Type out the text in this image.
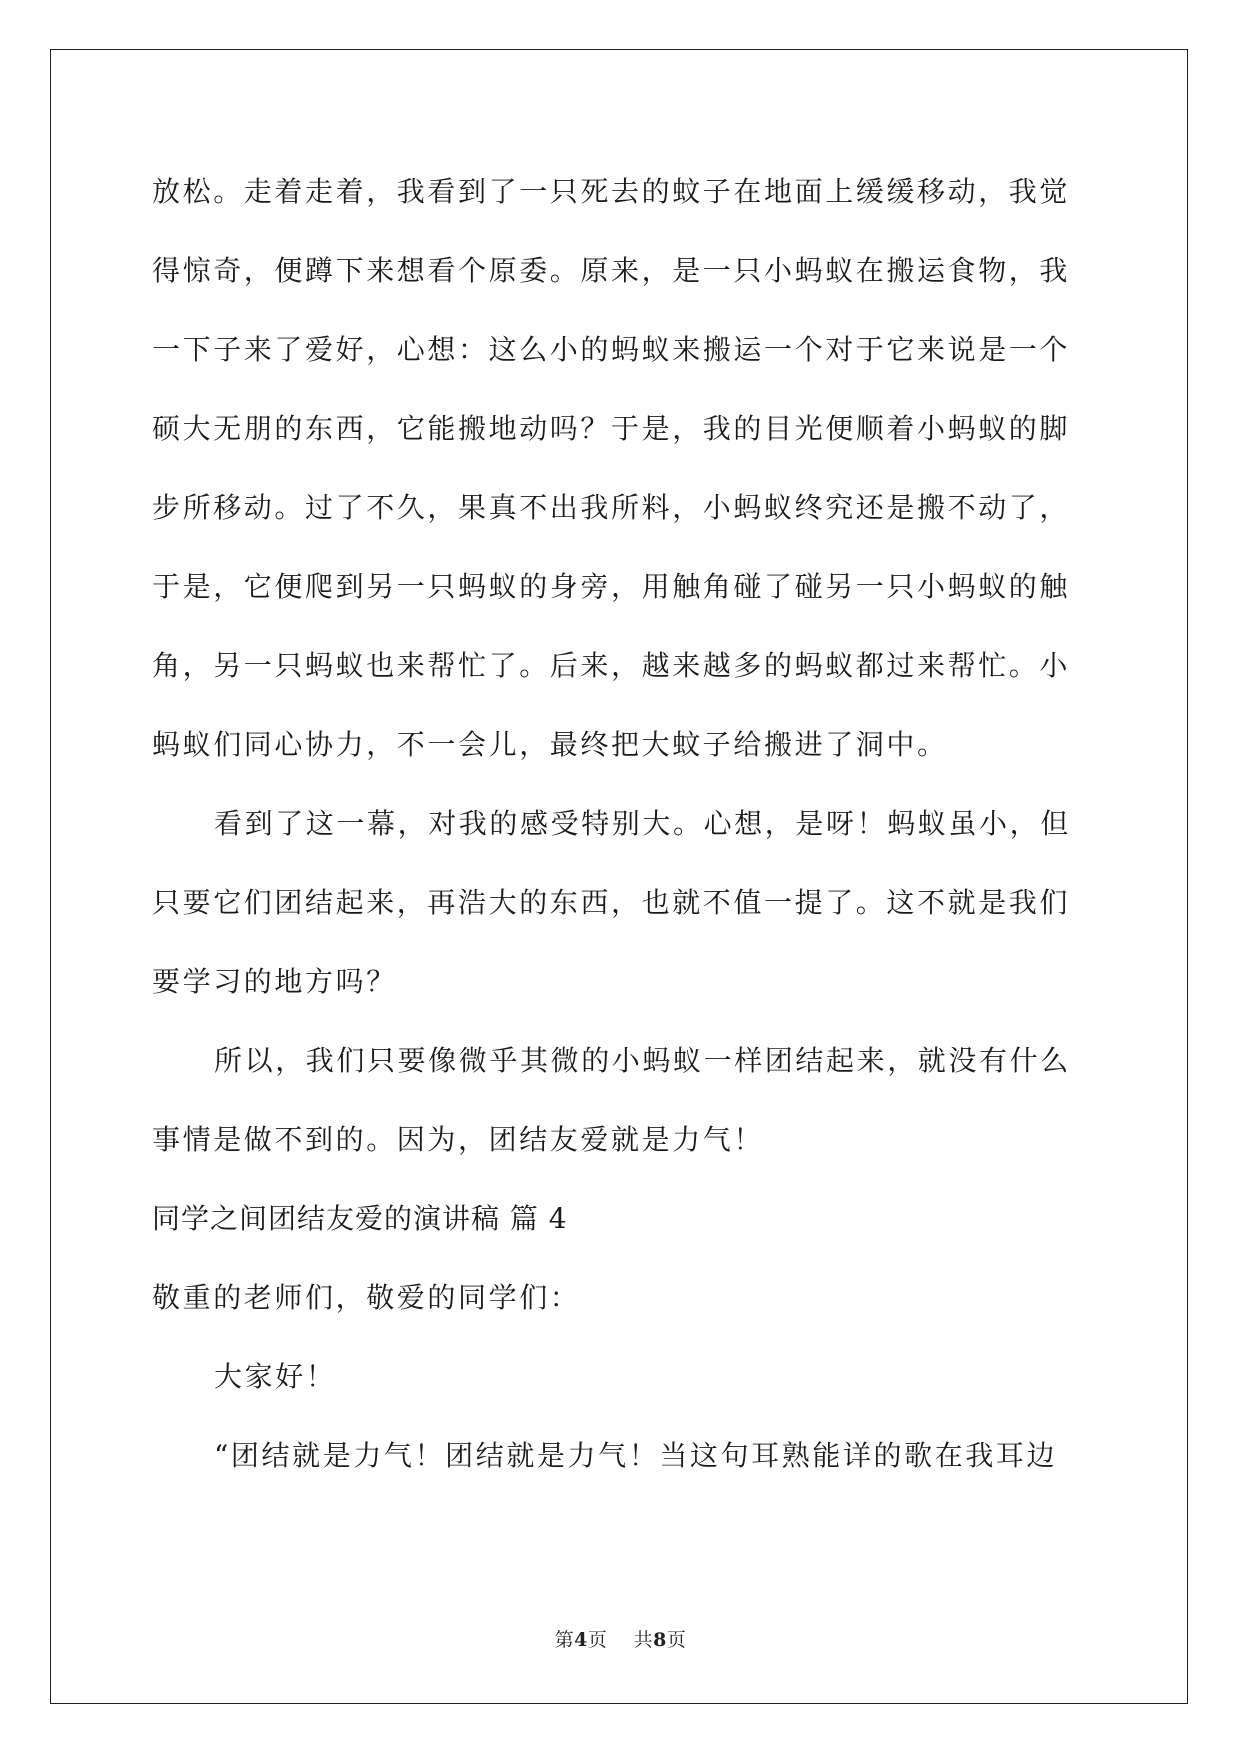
放松。走着走着，我看到了一只死去的蚊子在地面上缓缓移动，我觉
得惊奇，便蹲下来想看个原委。原来，是一只小蚂蚁在搬运食物，我
一下子来了爱好，心想：这么小的蚂蚁来搬运一个对于它来说是一个
硕大无朋的东西，它能搬地动吗？于是，我的目光便顺着小蚂蚁的脚
步所移动。过了不久，果真不出我所料，小蚂蚁终究还是搬不动了，
于是，它便爬到另一只蚂蚁的身旁，用触角碰了碰另一只小蚂蚁的触
角，另一只蚂蚁也来帮忙了。后来，越来越多的蚂蚁都过来帮忙。小
蚂蚁们同心协力，不一会儿，最终把大蚊子给搬进了洞中。
看到了这一幕，对我的感受特别大。心想，是呀！蚂蚁虽小，但
只要它们团结起来，再浩大的东西，也就不值一提了。这不就是我们
要学习的地方吗？
所以，我们只要像微乎其微的小蚂蚁一样团结起来，就没有什么
事情是做不到的。因为，团结友爱就是力气！
同学之间团结友爱的演讲稿 篇 4
敬重的老师们，敬爱的同学们：
大家好！
“团结就是力气！团结就是力气！当这句耳熟能详的歌在我耳边
第4页 共8页
